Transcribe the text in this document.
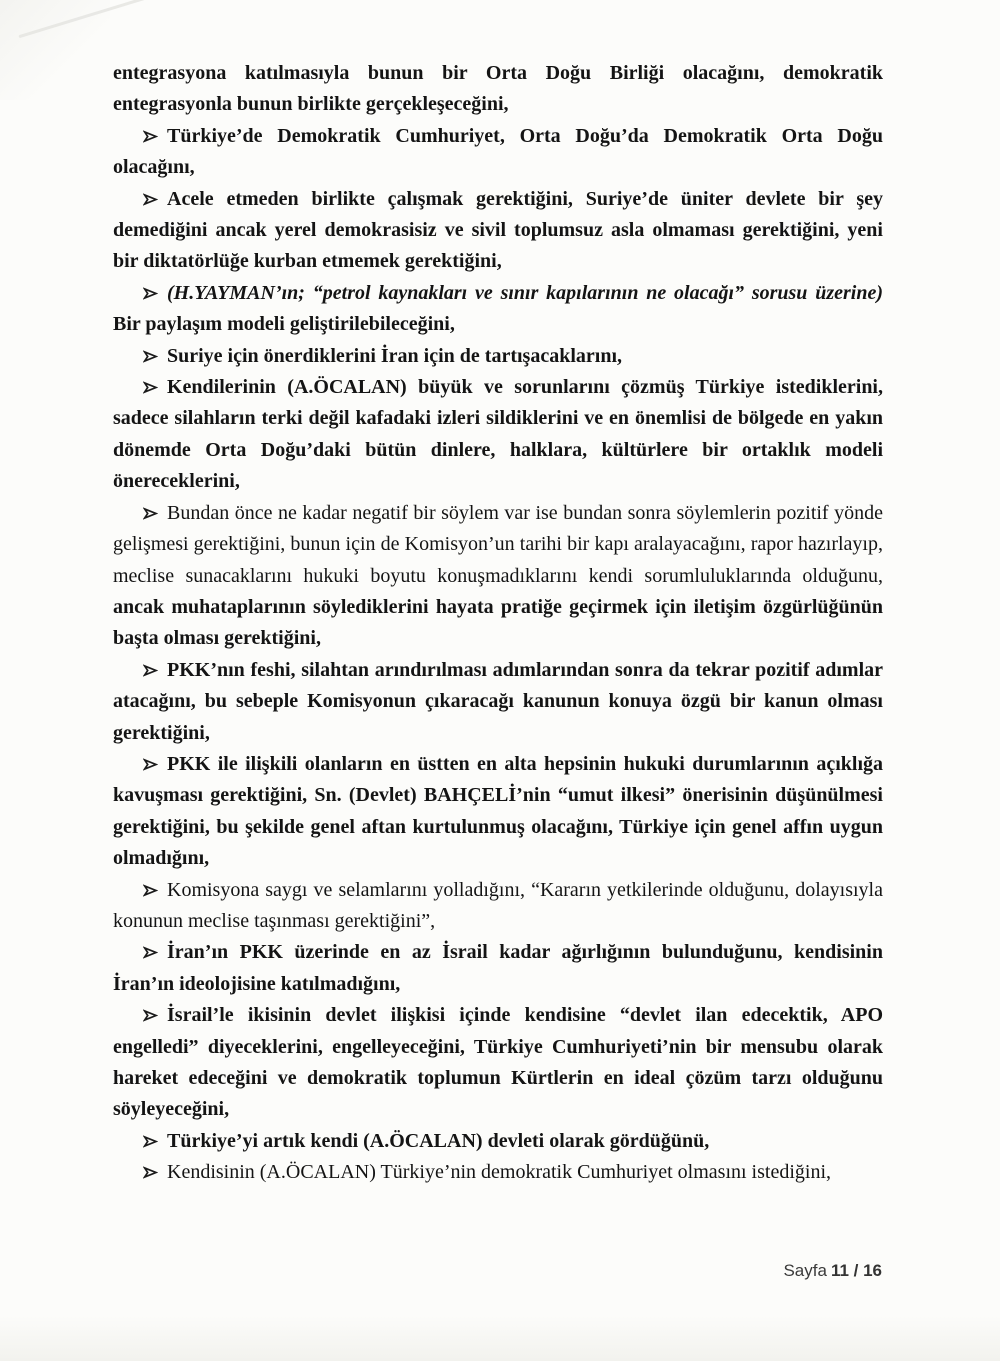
entegrasyona katılmasıyla bunun bir Orta Doğu Birliği olacağını, demokratik entegrasyonla bunun birlikte gerçekleşeceğini,

Türkiye’de Demokratik Cumhuriyet, Orta Doğu’da Demokratik Orta Doğu olacağını,

Acele etmeden birlikte çalışmak gerektiğini, Suriye’de üniter devlete bir şey demediğini ancak yerel demokrasisiz ve sivil toplumsuz asla olmaması gerektiğini, yeni bir diktatörlüğe kurban etmemek gerektiğini,

(H.YAYMAN’ın; “petrol kaynakları ve sınır kapılarının ne olacağı” sorusu üzerine) Bir paylaşım modeli geliştirilebileceğini,

Suriye için önerdiklerini İran için de tartışacaklarını,

Kendilerinin (A.ÖCALAN) büyük ve sorunlarını çözmüş Türkiye istediklerini, sadece silahların terki değil kafadaki izleri sildiklerini ve en önemlisi de bölgede en yakın dönemde Orta Doğu’daki bütün dinlere, halklara, kültürlere bir ortaklık modeli önereceklerini,

Bundan önce ne kadar negatif bir söylem var ise bundan sonra söylemlerin pozitif yönde gelişmesi gerektiğini, bunun için de Komisyon’un tarihi bir kapı aralayacağını, rapor hazırlayıp, meclise sunacaklarını hukuki boyutu konuşmadıklarını kendi sorumluluklarında olduğunu, ancak muhataplarının söylediklerini hayata pratiğe geçirmek için iletişim özgürlüğünün başta olması gerektiğini,

PKK’nın feshi, silahtan arındırılması adımlarından sonra da tekrar pozitif adımlar atacağını, bu sebeple Komisyonun çıkaracağı kanunun konuya özgü bir kanun olması gerektiğini,

PKK ile ilişkili olanların en üstten en alta hepsinin hukuki durumlarının açıklığa kavuşması gerektiğini, Sn. (Devlet) BAHÇELİ’nin “umut ilkesi” önerisinin düşünülmesi gerektiğini, bu şekilde genel aftan kurtulunmuş olacağını, Türkiye için genel affın uygun olmadığını,

Komisyona saygı ve selamlarını yolladığını, “Kararın yetkilerinde olduğunu, dolayısıyla konunun meclise taşınması gerektiğini”,

İran’ın PKK üzerinde en az İsrail kadar ağırlığının bulunduğunu, kendisinin İran’ın ideolojisine katılmadığını,

İsrail’le ikisinin devlet ilişkisi içinde kendisine “devlet ilan edecektik, APO engelledi” diyeceklerini, engelleyeceğini, Türkiye Cumhuriyeti’nin bir mensubu olarak hareket edeceğini ve demokratik toplumun Kürtlerin en ideal çözüm tarzı olduğunu söyleyeceğini,

Türkiye’yi artık kendi (A.ÖCALAN) devleti olarak gördüğünü,

Kendisinin (A.ÖCALAN) Türkiye’nin demokratik Cumhuriyet olmasını istediğini,

Sayfa 11 / 16
